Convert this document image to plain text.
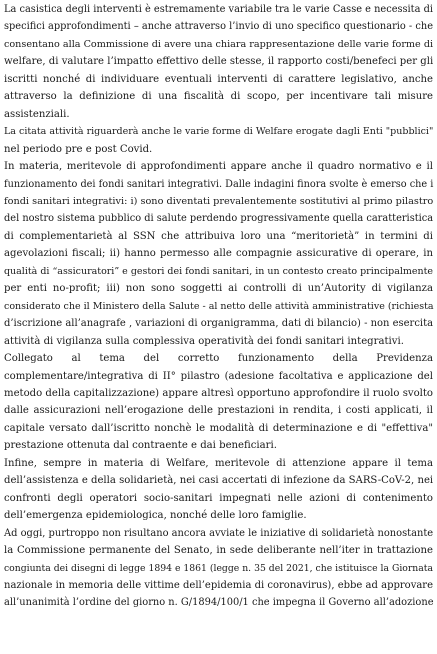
La casistica degli interventi è estremamente variabile tra le varie Casse e necessita di
specifici approfondimenti – anche attraverso l’invio di uno specifico questionario - che
consentano alla Commissione di avere una chiara rappresentazione delle varie forme di
welfare, di valutare l’impatto effettivo delle stesse, il rapporto costi/benefeci per gli
iscritti nonché di individuare eventuali interventi di carattere legislativo, anche
attraverso la definizione di una fiscalità di scopo, per incentivare tali misure
assistenziali.
La citata attività riguarderà anche le varie forme di Welfare erogate dagli Enti "pubblici"
nel periodo pre e post Covid.
In materia, meritevole di approfondimenti appare anche il quadro normativo e il
funzionamento dei fondi sanitari integrativi. Dalle indagini finora svolte è emerso che i
fondi sanitari integrativi: i) sono diventati prevalentemente sostitutivi al primo pilastro
del nostro sistema pubblico di salute perdendo progressivamente quella caratteristica
di complementarietà al SSN che attribuiva loro una “meritorietà” in termini di
agevolazioni fiscali; ii) hanno permesso alle compagnie assicurative di operare, in
qualità di “assicuratori” e gestori dei fondi sanitari, in un contesto creato principalmente
per enti no-profit; iii) non sono soggetti ai controlli di un’Autority di vigilanza
considerato che il Ministero della Salute - al netto delle attività amministrative (richiesta
d’iscrizione all’anagrafe , variazioni di organigramma, dati di bilancio) - non esercita
attività di vigilanza sulla complessiva operatività dei fondi sanitari integrativi.
Collegato al tema del corretto funzionamento della Previdenza
complementare/integrativa di II° pilastro (adesione facoltativa e applicazione del
metodo della capitalizzazione) appare altresì opportuno approfondire il ruolo svolto
dalle assicurazioni nell’erogazione delle prestazioni in rendita, i costi applicati, il
capitale versato dall’iscritto nonchè le modalità di determinazione e di "effettiva"
prestazione ottenuta dal contraente e dai beneficiari.
Infine, sempre in materia di Welfare, meritevole di attenzione appare il tema
dell’assistenza e della solidarietà, nei casi accertati di infezione da SARS-CoV-2, nei
confronti degli operatori socio-sanitari impegnati nelle azioni di contenimento
dell’emergenza epidemiologica, nonché delle loro famiglie.
Ad oggi, purtroppo non risultano ancora avviate le iniziative di solidarietà nonostante
la Commissione permanente del Senato, in sede deliberante nell’iter in trattazione
congiunta dei disegni di legge 1894 e 1861 (legge n. 35 del 2021, che istituisce la Giornata
nazionale in memoria delle vittime dell’epidemia di coronavirus), ebbe ad approvare
all’unanimità l’ordine del giorno n. G/1894/100/1 che impegna il Governo all’adozione
